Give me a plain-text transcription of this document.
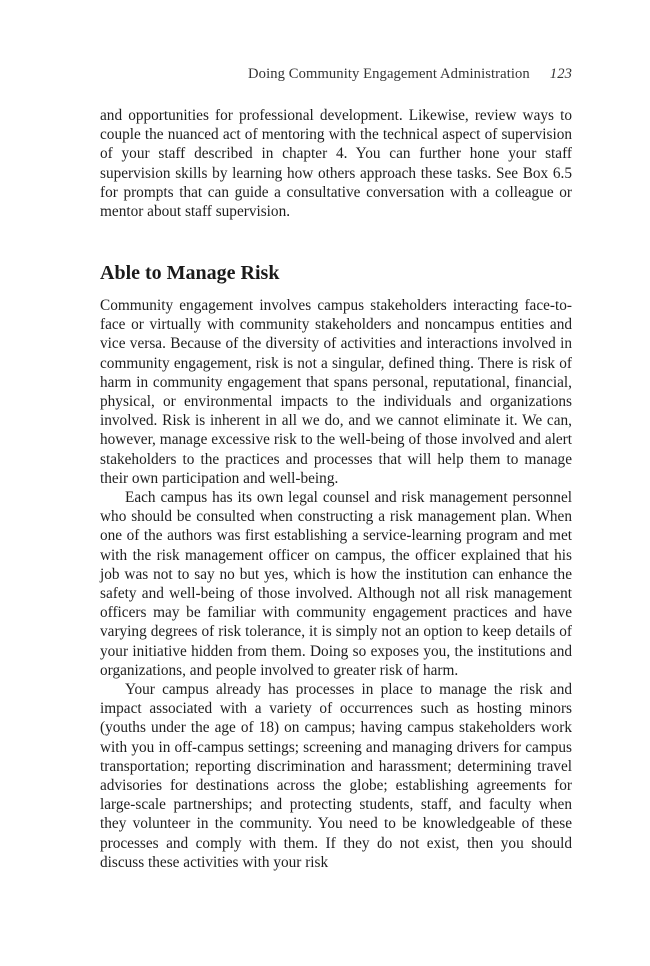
Doing Community Engagement Administration 123

and opportunities for professional development. Likewise, review ways to couple the nuanced act of mentoring with the technical aspect of supervision of your staff described in chapter 4. You can further hone your staff supervision skills by learning how others approach these tasks. See Box 6.5 for prompts that can guide a consultative conversation with a colleague or mentor about staff supervision.

Able to Manage Risk

Community engagement involves campus stakeholders interacting face-to-face or virtually with community stakeholders and noncampus entities and vice versa. Because of the diversity of activities and interactions involved in community engagement, risk is not a singular, defined thing. There is risk of harm in community engagement that spans personal, reputational, financial, physical, or environmental impacts to the individuals and organizations involved. Risk is inherent in all we do, and we cannot eliminate it. We can, however, manage excessive risk to the well-being of those involved and alert stakeholders to the practices and processes that will help them to manage their own participation and well-being.

Each campus has its own legal counsel and risk management personnel who should be consulted when constructing a risk management plan. When one of the authors was first establishing a service-learning program and met with the risk management officer on campus, the officer explained that his job was not to say no but yes, which is how the institution can enhance the safety and well-being of those involved. Although not all risk management officers may be familiar with community engagement practices and have varying degrees of risk tolerance, it is simply not an option to keep details of your initiative hidden from them. Doing so exposes you, the institutions and organizations, and people involved to greater risk of harm.

Your campus already has processes in place to manage the risk and impact associated with a variety of occurrences such as hosting minors (youths under the age of 18) on campus; having campus stakeholders work with you in off-campus settings; screening and managing drivers for campus transportation; reporting discrimination and harassment; determining travel advisories for destinations across the globe; establishing agreements for large-scale partnerships; and protecting students, staff, and faculty when they volunteer in the community. You need to be knowledgeable of these processes and comply with them. If they do not exist, then you should discuss these activities with your risk
